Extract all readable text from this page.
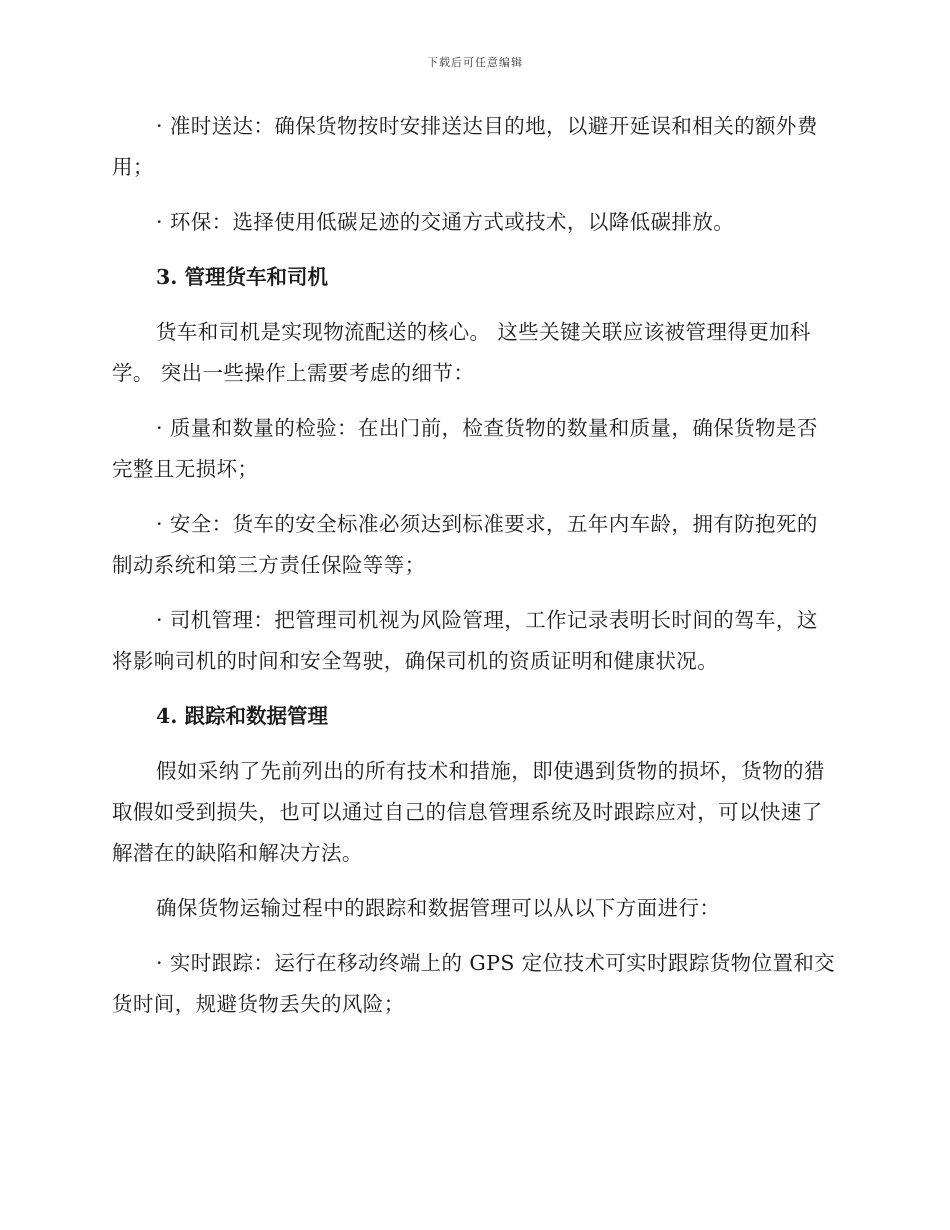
下载后可任意编辑

· 准时送达：确保货物按时安排送达目的地，以避开延误和相关的额外费用；

· 环保：选择使用低碳足迹的交通方式或技术，以降低碳排放。

3. 管理货车和司机

货车和司机是实现物流配送的核心。 这些关键关联应该被管理得更加科学。 突出一些操作上需要考虑的细节：

· 质量和数量的检验：在出门前，检查货物的数量和质量，确保货物是否完整且无损坏；

· 安全：货车的安全标准必须达到标准要求，五年内车龄，拥有防抱死的制动系统和第三方责任保险等等；

· 司机管理：把管理司机视为风险管理，工作记录表明长时间的驾车，这将影响司机的时间和安全驾驶，确保司机的资质证明和健康状况。

4. 跟踪和数据管理

假如采纳了先前列出的所有技术和措施，即使遇到货物的损坏，货物的猎取假如受到损失，也可以通过自己的信息管理系统及时跟踪应对，可以快速了解潜在的缺陷和解决方法。

确保货物运输过程中的跟踪和数据管理可以从以下方面进行：

· 实时跟踪：运行在移动终端上的 GPS 定位技术可实时跟踪货物位置和交货时间，规避货物丢失的风险；
